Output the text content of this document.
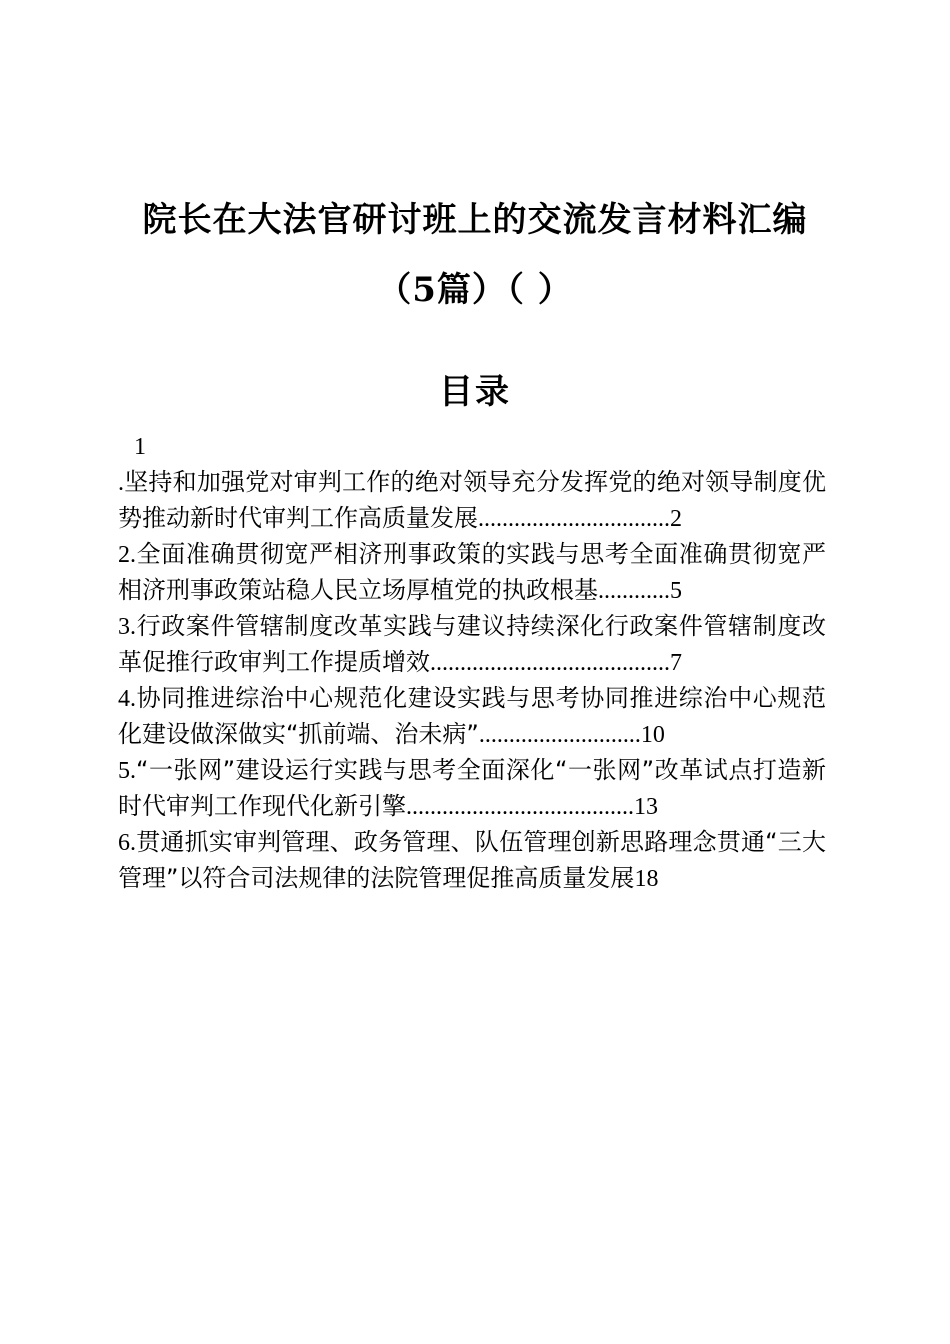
院长在大法官研讨班上的交流发言材料汇编
（5篇）（ ）
目录
1

.坚持和加强党对审判工作的绝对领导充分发挥党的绝对领导制度优势推动新时代审判工作高质量发展................................2

2.全面准确贯彻宽严相济刑事政策的实践与思考全面准确贯彻宽严相济刑事政策站稳人民立场厚植党的执政根基............5

3.行政案件管辖制度改革实践与建议持续深化行政案件管辖制度改革促推行政审判工作提质增效........................................7

4.协同推进综治中心规范化建设实践与思考协同推进综治中心规范化建设做深做实“抓前端、治未病”...........................10

5.“一张网”建设运行实践与思考全面深化“一张网”改革试点打造新时代审判工作现代化新引擎......................................13

6.贯通抓实审判管理、政务管理、队伍管理创新思路理念贯通“三大管理”以符合司法规律的法院管理促推高质量发展18
